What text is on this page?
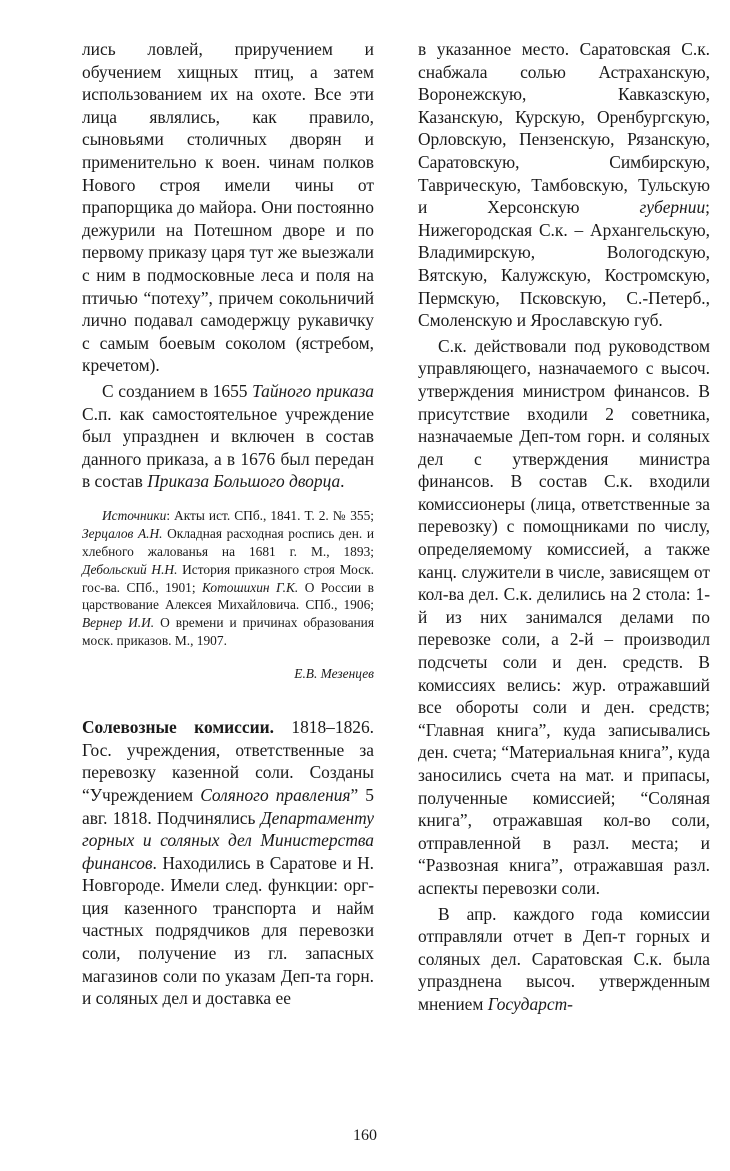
лись ловлей, приручением и обучением хищных птиц, а затем использованием их на охоте. Все эти лица являлись, как правило, сыновьями столичных дворян и применительно к воен. чинам полков Нового строя имели чины от прапорщика до майора. Они постоянно дежурили на Потешном дворе и по первому приказу царя тут же выезжали с ним в подмосковные леса и поля на птичью “потеху”, причем сокольничий лично подавал самодержцу рукавичку с самым боевым соколом (ястребом, кречетом).

С созданием в 1655 Тайного приказа С.п. как самостоятельное учреждение был упразднен и включен в состав данного приказа, а в 1676 был передан в состав Приказа Большого дворца.

Источники: Акты ист. СПб., 1841. Т. 2. № 355; Зерцалов А.Н. Окладная расходная роспись ден. и хлебного жалованья на 1681 г. М., 1893; Дебольский Н.Н. История приказного строя Моск. гос-ва. СПб., 1901; Котошихин Г.К. О России в царствование Алексея Михайловича. СПб., 1906; Вернер И.И. О времени и причинах образования моск. приказов. М., 1907.

Е.В. Мезенцев

Солевозные комиссии. 1818–1826. Гос. учреждения, ответственные за перевозку казенной соли. Созданы “Учреждением Соляного правления” 5 авг. 1818. Подчинялись Департаменту горных и соляных дел Министерства финансов. Находились в Саратове и Н. Новгороде. Имели след. функции: орг-ция казенного транспорта и найм частных подрядчиков для перевозки соли, получение из гл. запасных магазинов соли по указам Деп-та горн. и соляных дел и доставка ее

в указанное место. Саратовская С.к. снабжала солью Астраханскую, Воронежскую, Кавказскую, Казанскую, Курскую, Оренбургскую, Орловскую, Пензенскую, Рязанскую, Саратовскую, Симбирскую, Таврическую, Тамбовскую, Тульскую и Херсонскую губернии; Нижегородская С.к. – Архангельскую, Владимирскую, Вологодскую, Вятскую, Калужскую, Костромскую, Пермскую, Псковскую, С.-Петерб., Смоленскую и Ярославскую губ.

С.к. действовали под руководством управляющего, назначаемого с высоч. утверждения министром финансов. В присутствие входили 2 советника, назначаемые Деп-том горн. и соляных дел с утверждения министра финансов. В состав С.к. входили комиссионеры (лица, ответственные за перевозку) с помощниками по числу, определяемому комиссией, а также канц. служители в числе, зависящем от кол-ва дел. С.к. делились на 2 стола: 1-й из них занимался делами по перевозке соли, а 2-й – производил подсчеты соли и ден. средств. В комиссиях велись: жур. отражавший все обороты соли и ден. средств; “Главная книга”, куда записывались ден. счета; “Материальная книга”, куда заносились счета на мат. и припасы, полученные комиссией; “Соляная книга”, отражавшая кол-во соли, отправленной в разл. места; и “Развозная книга”, отражавшая разл. аспекты перевозки соли.

В апр. каждого года комиссии отправляли отчет в Деп-т горных и соляных дел. Саратовская С.к. была упразднена высоч. утвержденным мнением Государст-

160
